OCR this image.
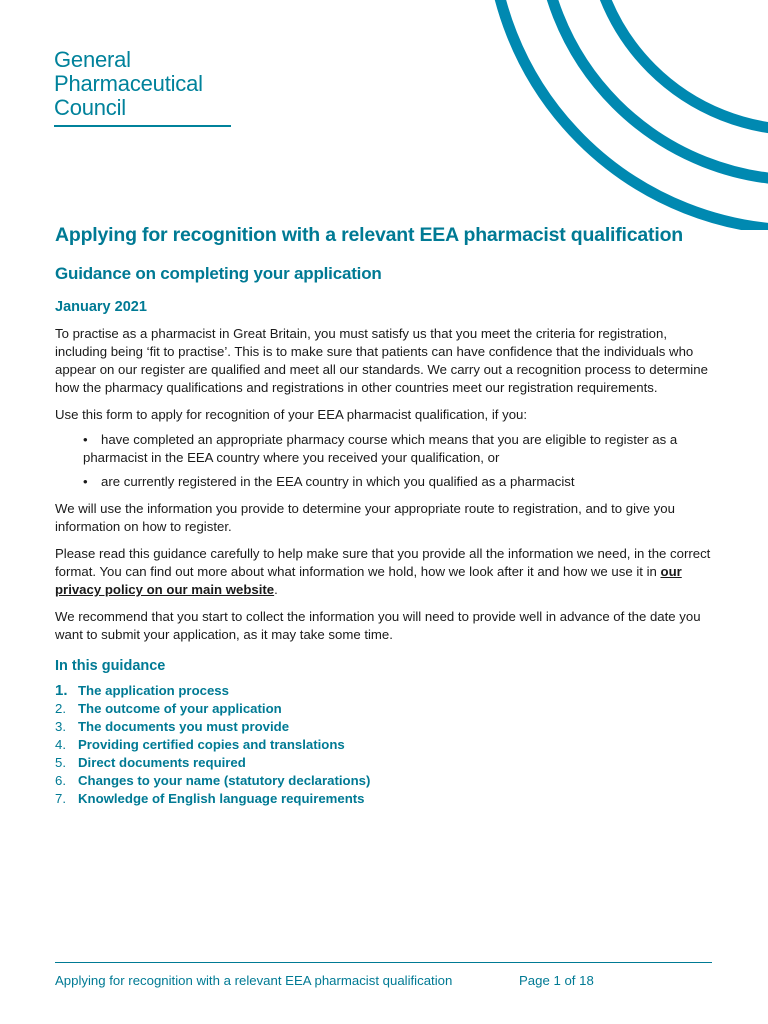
General
Pharmaceutical
Council
Applying for recognition with a relevant EEA pharmacist qualification
Guidance on completing your application
January 2021

To practise as a pharmacist in Great Britain, you must satisfy us that you meet the criteria for registration, including being ‘fit to practise’. This is to make sure that patients can have confidence that the individuals who appear on our register are qualified and meet all our standards. We carry out a recognition process to determine how the pharmacy qualifications and registrations in other countries meet our registration requirements.

Use this form to apply for recognition of your EEA pharmacist qualification, if you:

• have completed an appropriate pharmacy course which means that you are eligible to register as a pharmacist in the EEA country where you received your qualification, or
• are currently registered in the EEA country in which you qualified as a pharmacist

We will use the information you provide to determine your appropriate route to registration, and to give you information on how to register.

Please read this guidance carefully to help make sure that you provide all the information we need, in the correct format. You can find out more about what information we hold, how we look after it and how we use it in our privacy policy on our main website.

We recommend that you start to collect the information you will need to provide well in advance of the date you want to submit your application, as it may take some time.

In this guidance
1. The application process
2. The outcome of your application
3. The documents you must provide
4. Providing certified copies and translations
5. Direct documents required
6. Changes to your name (statutory declarations)
7. Knowledge of English language requirements
Applying for recognition with a relevant EEA pharmacist qualification	Page 1 of 18
